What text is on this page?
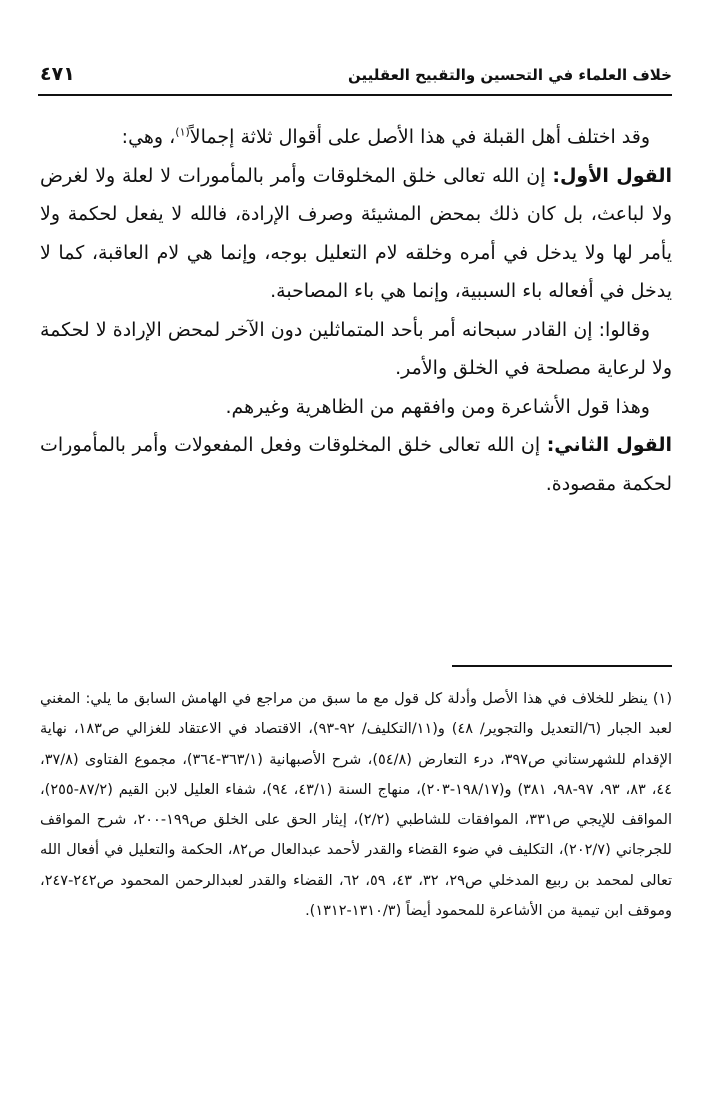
خلاف العلماء في التحسين والتقبيح العقليين
٤٧١

وقد اختلف أهل القبلة في هذا الأصل على أقوال ثلاثة إجمالاً$^{(١)}$، وهي:

القول الأول: إن الله تعالى خلق المخلوقات وأمر بالمأمورات لا لعلة ولا لغرض ولا لباعث، بل كان ذلك بمحض المشيئة وصرف الإرادة، فالله لا يفعل لحكمة ولا يأمر لها ولا يدخل في أمره وخلقه لام التعليل بوجه، وإنما هي لام العاقبة، كما لا يدخل في أفعاله باء السببية، وإنما هي باء المصاحبة.

وقالوا: إن القادر سبحانه أمر بأحد المتماثلين دون الآخر لمحض الإرادة لا لحكمة ولا لرعاية مصلحة في الخلق والأمر.

وهذا قول الأشاعرة ومن وافقهم من الظاهرية وغيرهم.

القول الثاني: إن الله تعالى خلق المخلوقات وفعل المفعولات وأمر بالمأمورات لحكمة مقصودة.

(١) ينظر للخلاف في هذا الأصل وأدلة كل قول مع ما سبق من مراجع في الهامش السابق ما يلي: المغني لعبد الجبار (٦/التعديل والتجوير/ ٤٨) و(١١/التكليف/ ٩٢-٩٣)، الاقتصاد في الاعتقاد للغزالي ص١٨٣، نهاية الإقدام للشهرستاني ص٣٩٧، درء التعارض (٥٤/٨)، شرح الأصبهانية (٣٦٣/١-٣٦٤)، مجموع الفتاوى (٣٧/٨، ٤٤، ٨٣، ٩٣، ٩٧-٩٨، ٣٨١) و(١٩٨/١٧-٢٠٣)، منهاج السنة (٤٣/١، ٩٤)، شفاء العليل لابن القيم (٨٧/٢-٢٥٥)، المواقف للإيجي ص٣٣١، الموافقات للشاطبي (٢/٢)، إيثار الحق على الخلق ص١٩٩-٢٠٠، شرح المواقف للجرجاني (٢٠٢/٧)، التكليف في ضوء القضاء والقدر لأحمد عبدالعال ص٨٢، الحكمة والتعليل في أفعال الله تعالى لمحمد بن ربيع المدخلي ص٢٩، ٣٢، ٤٣، ٥٩، ٦٢، القضاء والقدر لعبدالرحمن المحمود ص٢٤٢-٢٤٧، وموقف ابن تيمية من الأشاعرة للمحمود أيضاً (١٣١٠/٣-١٣١٢).
